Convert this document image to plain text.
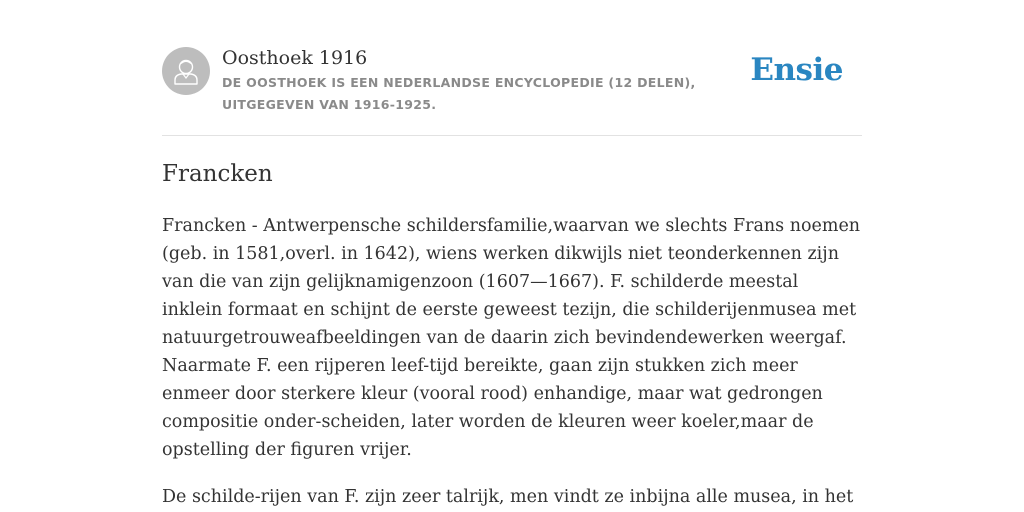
Oosthoek 1916
DE OOSTHOEK IS EEN NEDERLANDSE ENCYCLOPEDIE (12 DELEN), UITGEGEVEN VAN 1916-1925.
Ensie
Francken

Francken - Antwerpensche schildersfamilie,waarvan we slechts Frans noemen (geb. in 1581,overl. in 1642), wiens werken dikwijls niet teonderkennen zijn van die van zijn gelijknamigenzoon (1607—1667). F. schilderde meestal inklein formaat en schijnt de eerste geweest tezijn, die schilderijenmusea met natuurgetrouweafbeeldingen van de daarin zich bevindendewerken weergaf. Naarmate F. een rijperen leef-tijd bereikte, gaan zijn stukken zich meer enmeer door sterkere kleur (vooral rood) enhandige, maar wat gedrongen compositie onder-scheiden, later worden de kleuren weer koeler,maar de opstelling der figuren vrijer.

De schilde-rijen van F. zijn zeer talrijk, men vindt ze inbijna alle musea, in het
